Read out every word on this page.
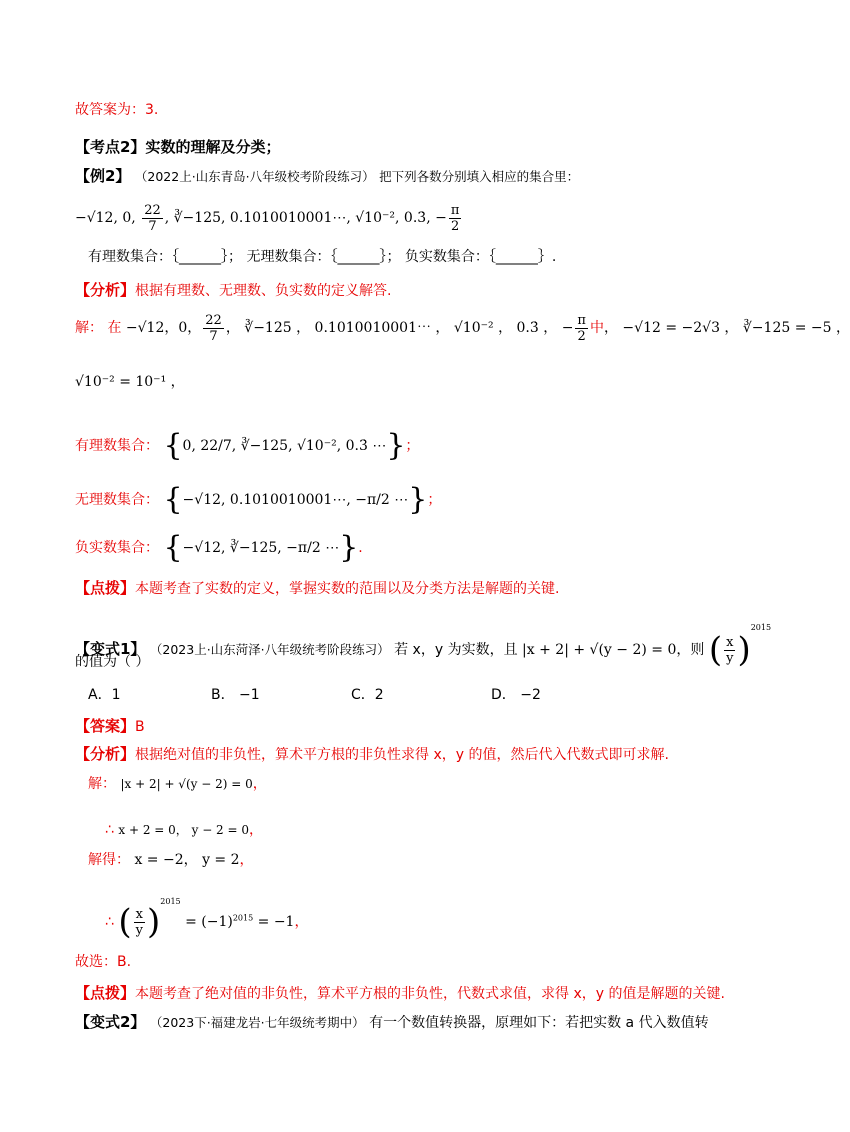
故答案为：3.
【考点2】实数的理解及分类；
【例2】 （2022上·山东青岛·八年级校考阶段练习） 把下列各数分别填入相应的集合里：
−√12, 0, $\frac{22}{7}$ , ∛−125, 0.1010010001⋯, √10⁻², 0.3̇, − $\frac{\pi}{2}$
有理数集合：｛______｝； 无理数集合：｛______｝； 负实数集合：｛______｝.
【分析】根据有理数、无理数、负实数的定义解答.
解： 在 −√12，0， $\frac{22}{7}$ ， ∛−125 ， 0.1010010001⋯ ， √10⁻² ， 0.3̇ ， − $\frac{\pi}{2}$ 中， −√12 = −2√3 ， ∛−125 = −5 ，
√10⁻² = 10⁻¹ ，
有理数集合： {0, 22/7, ∛−125, √10⁻², 0.3̇ ⋯}；
无理数集合： {−√12, 0.1010010001⋯, −π/2 ⋯}；
负实数集合： {−√12, ∛−125, −π/2 ⋯}.
【点拨】本题考查了实数的定义，掌握实数的范围以及分类方法是解题的关键.
【变式1】 （2023上·山东菏泽·八年级统考阶段练习） 若 x，y 为实数，且 |x + 2| + √(y − 2) = 0，则 ( $\frac{x}{y} )^{2015}$
的值为（ ）
A．1	B． −1	C．2	D． −2
【答案】B
【分析】根据绝对值的非负性，算术平方根的非负性求得 x，y 的值，然后代入代数式即可求解.
解： |x + 2| + √(y − 2) = 0，
∴ x + 2 = 0， y − 2 = 0，
解得： x = −2， y = 2，
∴ ( $\frac{x}{y} )^{2015} = (-1)^{2015} = -1$，
故选：B.
【点拨】本题考查了绝对值的非负性，算术平方根的非负性，代数式求值，求得 x，y 的值是解题的关键.
【变式2】 （2023下·福建龙岩·七年级统考期中） 有一个数值转换器，原理如下：若把实数 a 代入数值转
